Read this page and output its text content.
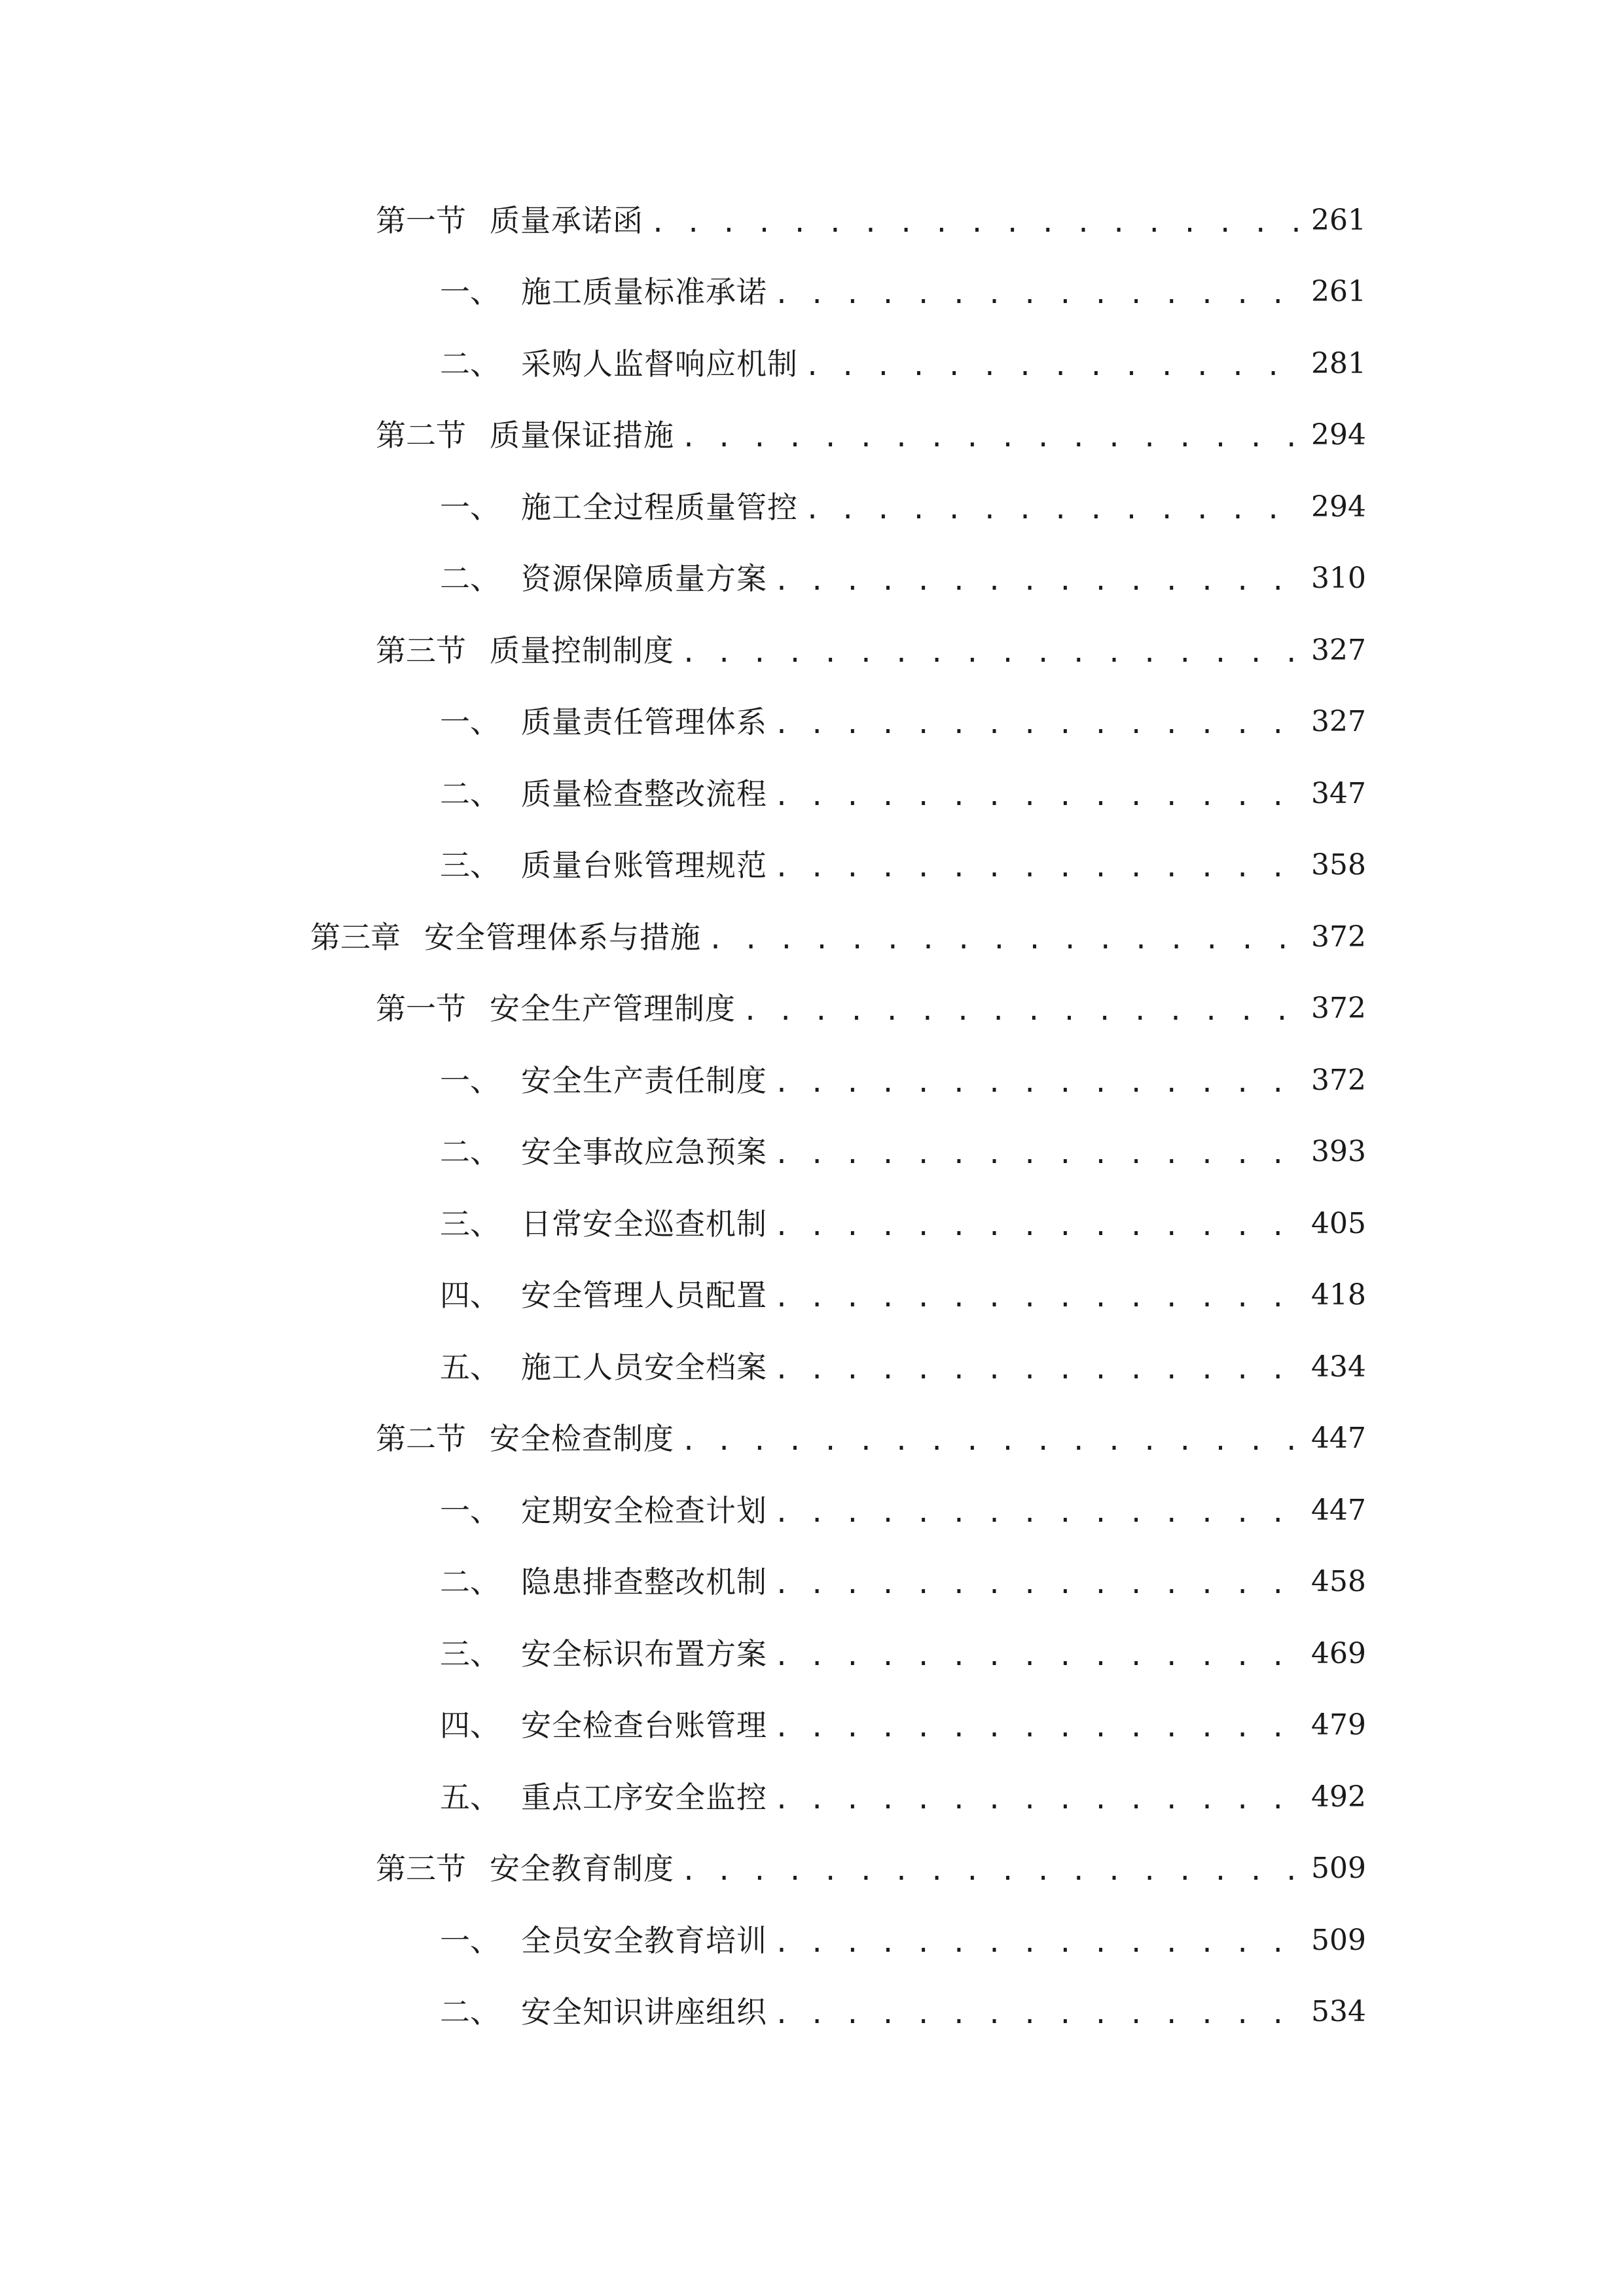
第一节 质量承诺函 . . .	261
一、 施工质量标准承诺 . . .	261
二、 采购人监督响应机制 . . .	281
第二节 质量保证措施 . . .	294
一、 施工全过程质量管控 . . .	294
二、 资源保障质量方案 . . .	310
第三节 质量控制制度 . . .	327
一、 质量责任管理体系 . . .	327
二、 质量检查整改流程 . . .	347
三、 质量台账管理规范 . . .	358
第三章 安全管理体系与措施 . . .	372
第一节 安全生产管理制度 . . .	372
一、 安全生产责任制度 . . .	372
二、 安全事故应急预案 . . .	393
三、 日常安全巡查机制 . . .	405
四、 安全管理人员配置 . . .	418
五、 施工人员安全档案 . . .	434
第二节 安全检查制度 . . .	447
一、 定期安全检查计划 . . .	447
二、 隐患排查整改机制 . . .	458
三、 安全标识布置方案 . . .	469
四、 安全检查台账管理 . . .	479
五、 重点工序安全监控 . . .	492
第三节 安全教育制度 . . .	509
一、 全员安全教育培训 . . .	509
二、 安全知识讲座组织 . . .	534
